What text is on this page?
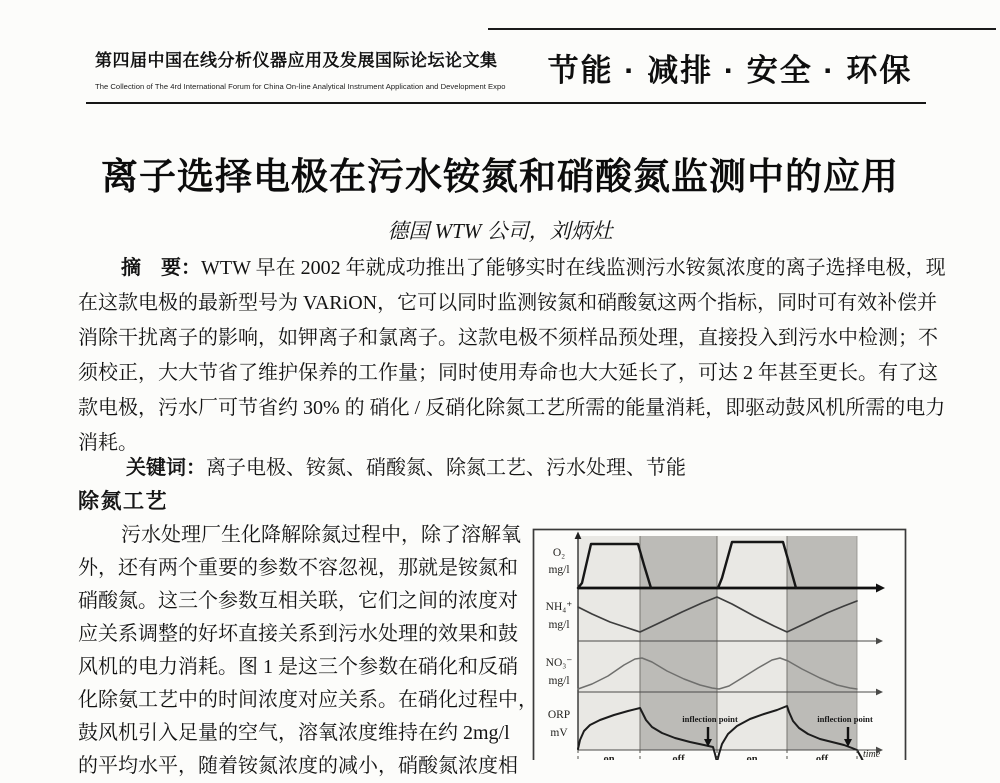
第四届中国在线分析仪器应用及发展国际论坛论文集
The Collection of The 4rd International Forum for China On-line Analytical Instrument Application and Development Expo	节能 · 减排 · 安全 · 环保
离子选择电极在污水铵氮和硝酸氮监测中的应用
德国 WTW 公司，刘炳灶
摘　要：WTW 早在 2002 年就成功推出了能够实时在线监测污水铵氮浓度的离子选择电极，现
在这款电极的最新型号为 VARiON，它可以同时监测铵氮和硝酸氨这两个指标，同时可有效补偿并
消除干扰离子的影响，如钾离子和氯离子。这款电极不须样品预处理，直接投入到污水中检测；不
须校正，大大节省了维护保养的工作量；同时使用寿命也大大延长了，可达 2 年甚至更长。有了这
款电极，污水厂可节省约 30% 的 硝化 / 反硝化除氮工艺所需的能量消耗，即驱动鼓风机所需的电力
消耗。
关键词：离子电极、铵氮、硝酸氮、除氮工艺、污水处理、节能
除氮工艺
污水处理厂生化降解除氮过程中，除了溶解氧
外，还有两个重要的参数不容忽视，那就是铵氮和
硝酸氮。这三个参数互相关联，它们之间的浓度对
应关系调整的好坏直接关系到污水处理的效果和鼓
风机的电力消耗。图 1 是这三个参数在硝化和反硝
化除氨工艺中的时间浓度对应关系。在硝化过程中，
鼓风机引入足量的空气，溶氧浓度维持在约 2mg/l
的平均水平，随着铵氮浓度的减小，硝酸氮浓度相
O₂
mg/l
NH₄⁺
mg/l
NO₃⁻
mg/l
ORP
mV
inflection point	inflection point
on	off	on	off	time
